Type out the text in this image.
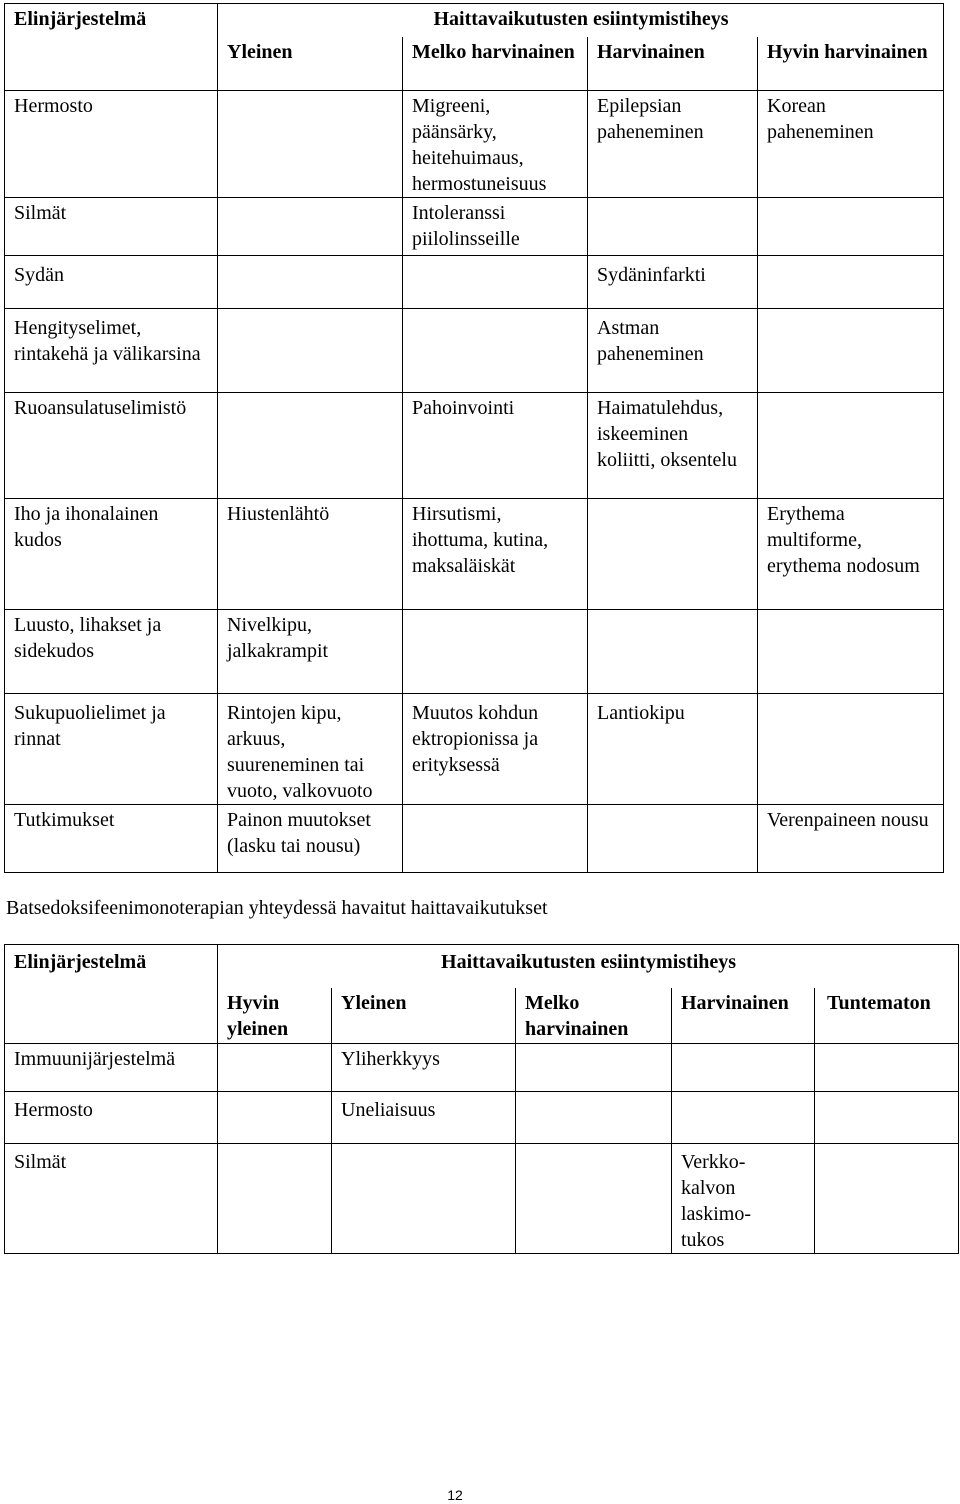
Elinjärjestelmä	Haittavaikutusten esiintymistiheys			
	Yleinen	Melko harvinainen	Harvinainen	Hyvin harvinainen
Hermosto		Migreeni, päänsärky, heitehuimaus, hermostuneisuus	Epilepsian paheneminen	Korean paheneminen
Silmät		Intoleranssi piilolinsseille		
Sydän			Sydäninfarkti	
Hengityselimet, rintakehä ja välikarsina			Astman paheneminen	
Ruoansulatuselimistö		Pahoinvointi	Haimatulehdus, iskeeminen koliitti, oksentelu	
Iho ja ihonalainen kudos	Hiustenlähtö	Hirsutismi, ihottuma, kutina, maksaläiskät		Erythema multiforme, erythema nodosum
Luusto, lihakset ja sidekudos	Nivelkipu, jalkakrampit			
Sukupuolielimet ja rinnat	Rintojen kipu, arkuus, suureneminen tai vuoto, valkovuoto	Muutos kohdun ektropionissa ja erityksessä	Lantiokipu	
Tutkimukset	Painon muutokset (lasku tai nousu)			Verenpaineen nousu
Batsedoksifeenimonoterapian yhteydessä havaitut haittavaikutukset
Elinjärjestelmä	Haittavaikutusten esiintymistiheys				
	Hyvin yleinen	Yleinen	Melko harvinainen	Harvinainen	Tuntematon
Immuunijärjestelmä		Yliherkkyys			
Hermosto		Uneliaisuus			
Silmät				Verkko-kalvon laskimo-tukos	
12
